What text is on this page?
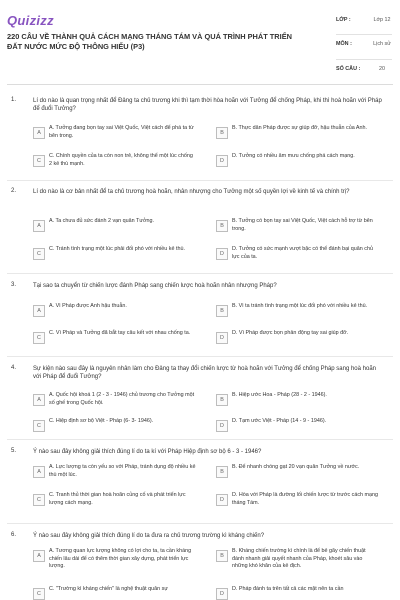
Quizizz
220 CÂU VỀ THÀNH QUẢ CÁCH MẠNG THÁNG TÁM VÀ QUÁ TRÌNH PHÁT TRIỂN ĐẤT NƯỚC MỨC ĐỘ THÔNG HIỂU (P3)
LỚP :	Lớp 12
MÔN :	Lịch sử
SỐ CÂU :	20
1.	Lí do nào là quan trọng nhất để Đảng ta chủ trương khi thì tạm thời hòa hoãn với Tưởng để chống Pháp, khi thì hoà hoãn với Pháp để đuổi Tưởng?
A
A. Tưởng đang bọn tay sai Việt Quốc, Việt cách để phá ta từ bên trong.	B
B. Thực dân Pháp được sự giúp đỡ, hậu thuẫn của Anh.
C
C. Chính quyền của ta còn non trẻ, không thể một lúc chống 2 kẻ thù mạnh.	D
D. Tưởng có nhiều âm mưu chống phá cách mạng.
2.	Lí do nào là cơ bản nhất để ta chủ trương hoà hoãn, nhân nhượng cho Tưởng một số quyền lợi về kinh tế và chính trị?
A
A. Ta chưa đủ sức đánh 2 vạn quân Tưởng.
B
B. Tưởng có bọn tay sai Việt Quốc, Việt cách hỗ trợ từ bên trong.
C
C. Tránh tình trạng một lúc phải đối phó với nhiều kẻ thù.
D
D. Tưởng có sức mạnh vượt bậc có thể đánh bại quân chủ lực của ta.
3.	Tại sao ta chuyển từ chiến lược đánh Pháp sang chiến lược hoà hoãn nhân nhượng Pháp?
A
A. Vì Pháp được Anh hậu thuẫn.
B
B. Vì ta tránh tình trạng một lúc đối phó với nhiều kẻ thù.
C
C. Vì Pháp và Tưởng đã bắt tay câu kết với nhau chống ta.
D
D. Vì Pháp được bọn phản động tay sai giúp đỡ.
4.	Sự kiện nào sau đây là nguyên nhân làm cho Đảng ta thay đổi chiến lược từ hoà hoãn với Tưởng để chống Pháp sang hoà hoãn với Pháp để đuổi Tưởng?
A
A. Quốc hội khoá 1 (2 - 3 - 1946) chủ trương cho Tưởng một số ghế trong Quốc hội.	B
B. Hiệp ước Hoa - Pháp (28 - 2 - 1946).
C
C. Hiệp định sơ bộ Việt - Pháp (6- 3- 1946).
D
D. Tạm ước Việt - Pháp (14 - 9 - 1946).
5.	Ý nào sau đây không giải thích đúng lí do ta kí với Pháp Hiệp định sơ bộ 6 - 3 - 1946?
A
A. Lực lượng ta còn yếu so với Pháp, tránh dụng độ nhiều kẻ thù một lúc.	B
B. Để nhanh chóng gạt 20 vạn quân Tưởng về nước.
C
C. Tranh thủ thời gian hoà hoãn củng cố và phát triển lực lượng cách mạng.	D
D. Hòa với Pháp là đường lối chiến lược từ trước cách mạng tháng Tám.
6.	Ý nào sau đây không giải thích đúng lí do ta đưa ra chủ trương trường kì kháng chiến?
A
A. Tương quan lực lượng không có lợi cho ta, ta cần kháng chiến lâu dài để có thêm thời gian xây dựng, phát triển lực lượng.
B
B. Kháng chiến trường kì chính là để bẻ gãy chiến thuật đánh nhanh giải quyết nhanh của Pháp, khoét sâu vào những khó khăn của kẻ địch.
C
C. "Trường kì kháng chiến" là nghệ thuật quân sự
D
D. Pháp đánh ta trên tất cả các mặt nên ta cần
